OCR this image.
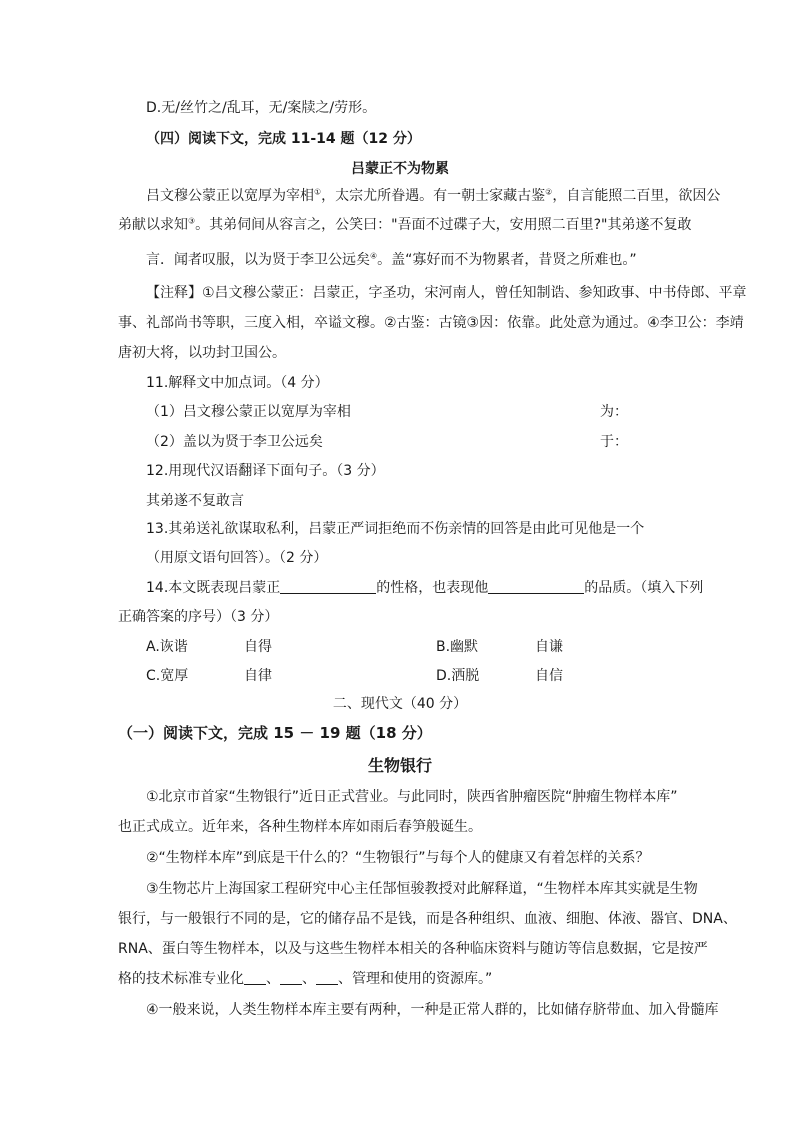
D.无/丝竹之/乱耳，无/案牍之/劳形。
（四）阅读下文，完成 11-14 题（12 分）
吕蒙正不为物累
吕文穆公蒙正以宽厚为宰相①，太宗尤所眷遇。有一朝士家藏古鉴②，自言能照二百里，欲因公
弟献以求知③。其弟伺间从容言之，公笑曰："吾面不过碟子大，安用照二百里?"其弟遂不复敢
言．闻者叹服，以为贤于李卫公远矣④。盖“寡好而不为物累者，昔贤之所难也。”
【注释】①吕文穆公蒙正：吕蒙正，字圣功，宋河南人，曾任知制诰、参知政事、中书侍郎、平章
事、礼部尚书等职，三度入相，卒谥文穆。②古鉴：古镜③因：依靠。此处意为通过。④李卫公：李靖
唐初大将，以功封卫国公。
11.解释文中加点词。（4 分）
（1）吕文穆公蒙正以宽厚为宰相	为：
（2）盖以为贤于李卫公远矣	于：
12.用现代汉语翻译下面句子。（3 分）
其弟遂不复敢言
13.其弟送礼欲谋取私利，吕蒙正严词拒绝而不伤亲情的回答是由此可见他是一个
（用原文语句回答）。（2 分）
14.本文既表现吕蒙正	的性格，也表现他	的品质。（填入下列
正确答案的序号）（3 分）
A.诙谐	自得	B.幽默	自谦
C.宽厚	自律	D.洒脱	自信
二、现代文（40 分）
（一）阅读下文，完成 15 － 19 题（18 分）
生物银行
①北京市首家“生物银行”近日正式营业。与此同时，陕西省肿瘤医院“肿瘤生物样本库”
也正式成立。近年来，各种生物样本库如雨后春笋般诞生。
②“生物样本库”到底是干什么的？“生物银行”与每个人的健康又有着怎样的关系？
③生物芯片上海国家工程研究中心主任郜恒骏教授对此解释道，“生物样本库其实就是生物
银行，与一般银行不同的是，它的储存品不是钱，而是各种组织、血液、细胞、体液、器官、DNA、
RNA、蛋白等生物样本，以及与这些生物样本相关的各种临床资料与随访等信息数据，它是按严
格的技术标准专业化 、 、 、管理和使用的资源库。”
④一般来说，人类生物样本库主要有两种，一种是正常人群的，比如储存脐带血、加入骨髓库
